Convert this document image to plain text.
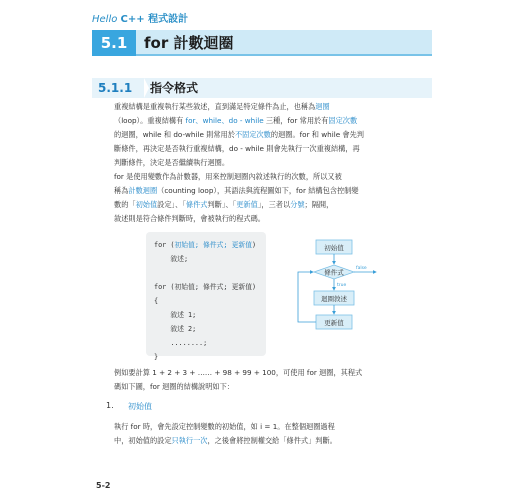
Hello C++ 程式設計
5.1	for 計數迴圈
5.1.1 指令格式
重複結構是重複執行某些敘述，直到滿足特定條件為止，也稱為迴圈
（loop）。重複結構有 for、while、do - while 三種，for 常用於有固定次數
的迴圈，while 和 do-while 則常用於不固定次數的迴圈。for 和 while 會先判
斷條件，再決定是否執行重複結構，do - while 則會先執行一次重複結構，再
判斷條件，決定是否繼續執行迴圈。
for 是使用變數作為計數器，用來控制迴圈內敘述執行的次數，所以又被
稱為計數迴圈（counting loop），其語法與流程圖如下，for 結構包含控制變
數的「初始值設定」、「條件式判斷」、「更新值」，三者以分號；隔開，
敘述則是符合條件判斷時，會被執行的程式碼。
for (初始值; 條件式; 更新值)
敘述;

for (初始值; 條件式; 更新值)
{
敘述 1;
敘述 2;
........;
}
初始值
條件式	false
true
迴圈敘述
更新值
例如要計算 1 + 2 + 3 + …… + 98 + 99 + 100，可使用 for 迴圈，其程式
碼如下圖，for 迴圈的結構說明如下：
1. 初始值
執行 for 時，會先設定控制變數的初始值，如 i = 1。在整個迴圈過程
中，初始值的設定只執行一次，之後會將控制權交給「條件式」判斷。
5-2
